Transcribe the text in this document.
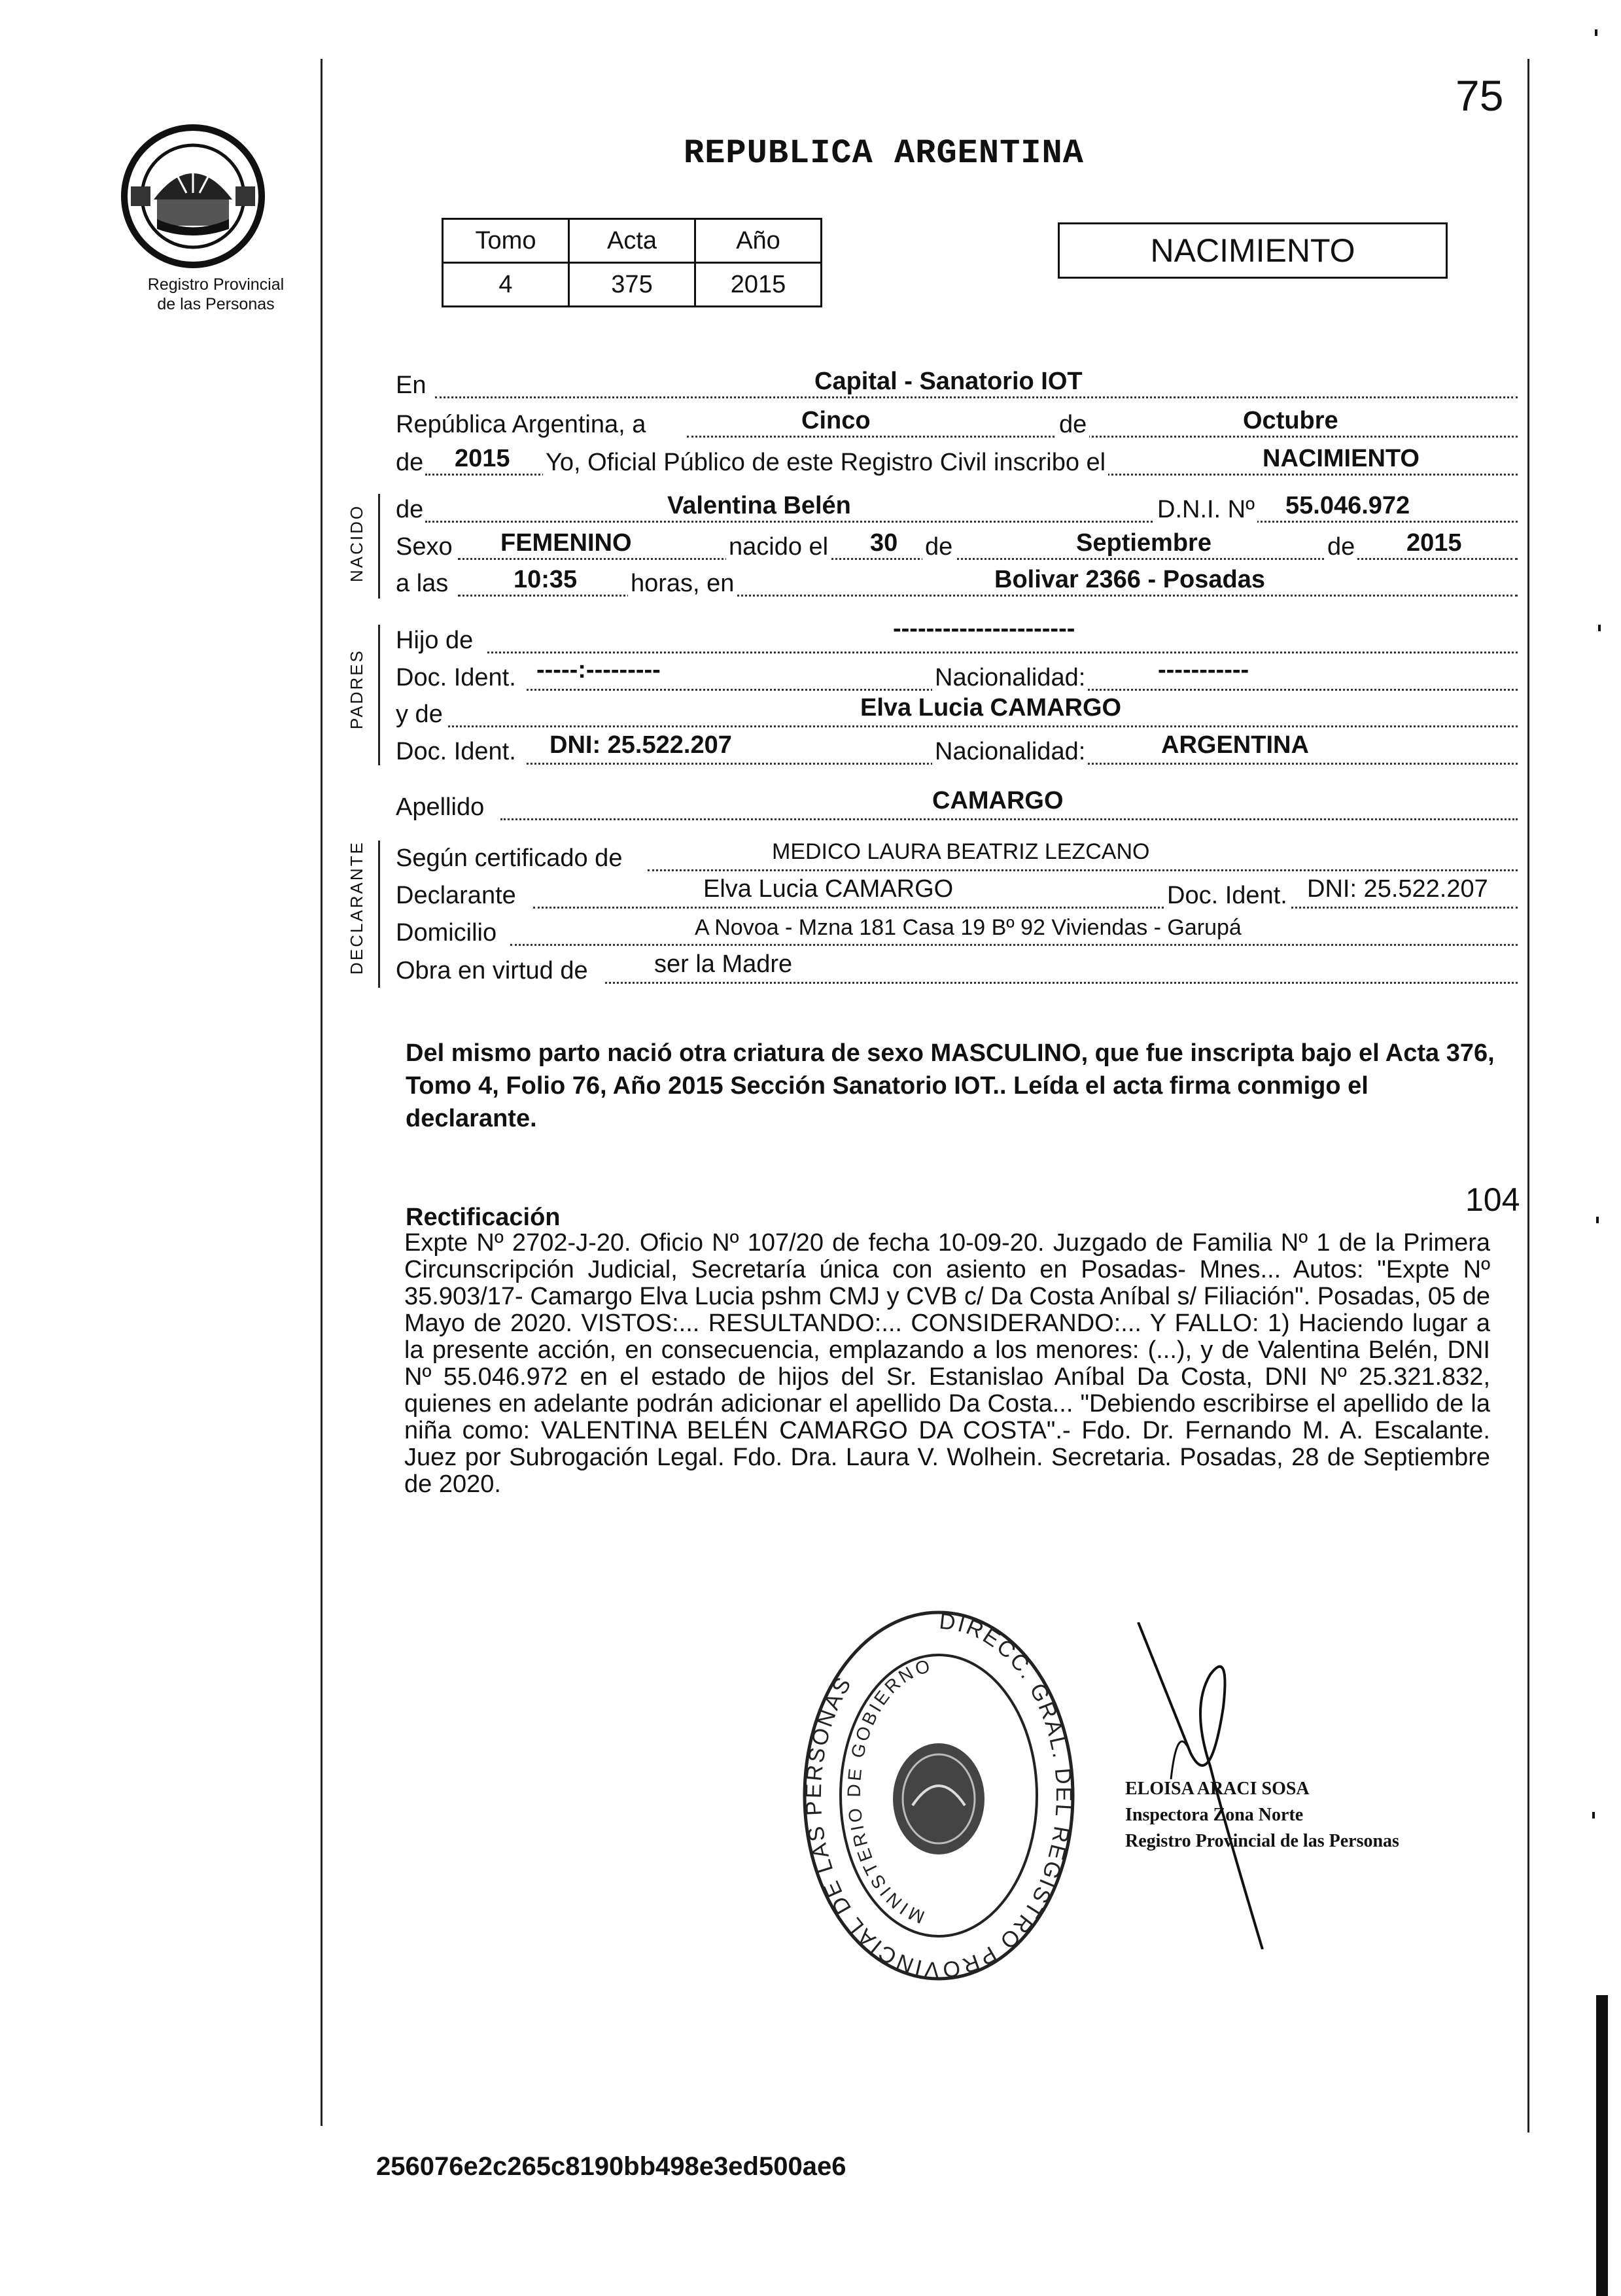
Registro Provincial
de las Personas
75
REPUBLICA ARGENTINA
Tomo	Acta	Año
4	375	2015
NACIMIENTO
NACIDO
PADRES
DECLARANTE
En	Capital - Sanatorio IOT
República Argentina, a	Cinco	de	Octubre
de 2015 Yo, Oficial Público de este Registro Civil inscribo el	NACIMIENTO
de	Valentina Belén	D.N.I. Nº 55.046.972
Sexo FEMENINO	nacido el 30 de	Septiembre	de 2015
a las	10:35 horas, en	Bolivar 2366 - Posadas
Hijo de	----------------------
Doc. Ident. -----:---------	Nacionalidad:	-----------
y de	Elva Lucia CAMARGO
Doc. Ident. DNI: 25.522.207	Nacionalidad:	ARGENTINA
Apellido	CAMARGO
Según certificado de	MEDICO LAURA BEATRIZ LEZCANO
Declarante	Elva Lucia CAMARGO	Doc. Ident. DNI: 25.522.207
Domicilio	A Novoa - Mzna 181 Casa 19 Bº 92 Viviendas - Garupá
Obra en virtud de	ser la Madre
Del mismo parto nació otra criatura de sexo MASCULINO, que fue inscripta bajo el Acta 376, Tomo 4, Folio 76, Año 2015 Sección Sanatorio IOT.. Leída el acta firma conmigo el declarante.
104
Rectificación
Expte Nº 2702-J-20. Oficio Nº 107/20 de fecha 10-09-20. Juzgado de Familia Nº 1 de la Primera Circunscripción Judicial, Secretaría única con asiento en Posadas- Mnes... Autos: "Expte Nº 35.903/17- Camargo Elva Lucia pshm CMJ y CVB c/ Da Costa Aníbal s/ Filiación". Posadas, 05 de Mayo de 2020. VISTOS:... RESULTANDO:... CONSIDERANDO:... Y FALLO: 1) Haciendo lugar a la presente acción, en consecuencia, emplazando a los menores: (...), y de Valentina Belén, DNI Nº 55.046.972 en el estado de hijos del Sr. Estanislao Aníbal Da Costa, DNI Nº 25.321.832, quienes en adelante podrán adicionar el apellido Da Costa... "Debiendo escribirse el apellido de la niña como: VALENTINA BELÉN CAMARGO DA COSTA".- Fdo. Dr. Fernando M. A. Escalante. Juez por Subrogación Legal. Fdo. Dra. Laura V. Wolhein. Secretaria. Posadas, 28 de Septiembre de 2020.
DIRECC. GRAL. DEL REGISTRO PROVINCIAL DE LAS PERSONAS
MINISTERIO DE GOBIERNO
ELOISA ARACI SOSA
Inspectora Zona Norte
Registro Provincial de las Personas
256076e2c265c8190bb498e3ed500ae6
